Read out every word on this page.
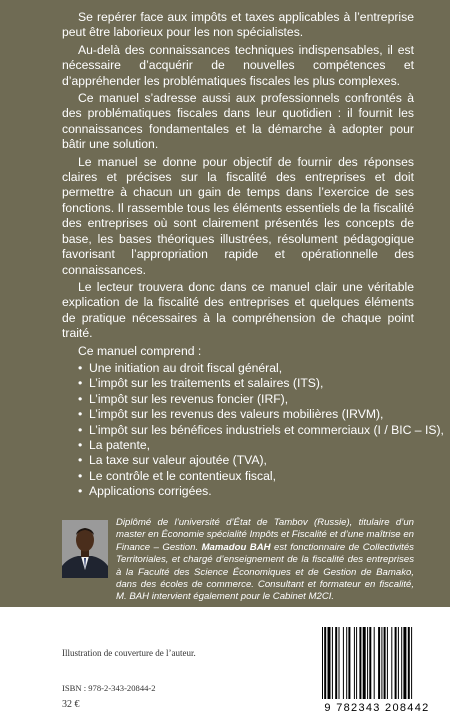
Se repérer face aux impôts et taxes applicables à l’entreprise peut être laborieux pour les non spécialistes.

Au-delà des connaissances techniques indispensables, il est nécessaire d’acquérir de nouvelles compétences et d’appréhender les problématiques fiscales les plus complexes.

Ce manuel s’adresse aussi aux professionnels confrontés à des problématiques fiscales dans leur quotidien : il fournit les connaissances fondamentales et la démarche à adopter pour bâtir une solution.

Le manuel se donne pour objectif de fournir des réponses claires et précises sur la fiscalité des entreprises et doit permettre à chacun un gain de temps dans l’exercice de ses fonctions. Il rassemble tous les éléments essentiels de la fiscalité des entreprises où sont clairement présentés les concepts de base, les bases théoriques illustrées, résolument pédagogique favorisant l’appropriation rapide et opérationnelle des connaissances.

Le lecteur trouvera donc dans ce manuel clair une véritable explication de la fiscalité des entreprises et quelques éléments de pratique nécessaires à la compréhension de chaque point traité.

Ce manuel comprend :

• Une initiation au droit fiscal général,
• L’impôt sur les traitements et salaires (ITS),
• L’impôt sur les revenus foncier (IRF),
• L’impôt sur les revenus des valeurs mobilières (IRVM),
• L’impôt sur les bénéfices industriels et commerciaux (I / BIC – IS),
• La patente,
• La taxe sur valeur ajoutée (TVA),
• Le contrôle et le contentieux fiscal,
• Applications corrigées.
Diplômé de l’université d’État de Tambov (Russie), titulaire d’un master en Économie spécialité Impôts et Fiscalité et d’une maîtrise en Finance – Gestion. Mamadou BAH est fonctionnaire de Collectivités Territoriales, et chargé d’enseignement de la fiscalité des entreprises à la Faculté des Science Économiques et de Gestion de Bamako, dans des écoles de commerce. Consultant et formateur en fiscalité, M. BAH intervient également pour le Cabinet M2CI.
Illustration de couverture de l’auteur.
ISBN : 978-2-343-20844-2
32 €	9 782343 208442
